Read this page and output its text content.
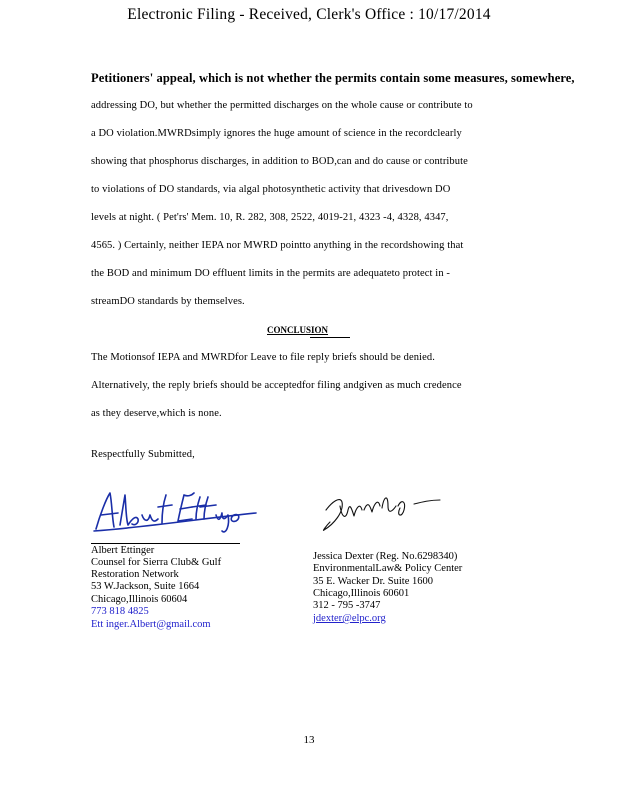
Electronic Filing - Received, Clerk's Office : 10/17/2014
Petitioners' appeal, which is not whether the permits contain some measures, somewhere,
addressing DO, but whether the permitted discharges on the whole cause or contribute to
a DO violation.MWRDsimply ignores the huge amount of science in the recordclearly
showing that phosphorus discharges, in addition to BOD,can and do cause or contribute
to violations of DO standards, via algal photosynthetic activity that drivesdown DO
levels at night. ( Pet'rs' Mem. 10, R. 282, 308, 2522, 4019-21, 4323 -4, 4328, 4347,
4565. ) Certainly, neither IEPA nor MWRD pointto anything in the recordshowing that
the BOD and minimum DO effluent limits in the permits are adequateto protect in -
streamDO standards by themselves.
CONCLUSION
The Motionsof IEPA and MWRDfor Leave to file reply briefs should be denied.
Alternatively, the reply briefs should be acceptedfor filing andgiven as much credence
as they deserve,which is none.
Respectfully Submitted,
Albert Ettinger
Counsel for Sierra Club& Gulf
Restoration Network
53 W.Jackson, Suite 1664
Chicago,Illinois 60604
773 818 4825
Ett inger.Albert@gmail.com
Jessica Dexter (Reg. No.6298340)
EnvironmentalLaw& Policy Center
35 E. Wacker Dr. Suite 1600
Chicago,Illinois 60601
312 - 795 -3747
jdexter@elpc.org
13
